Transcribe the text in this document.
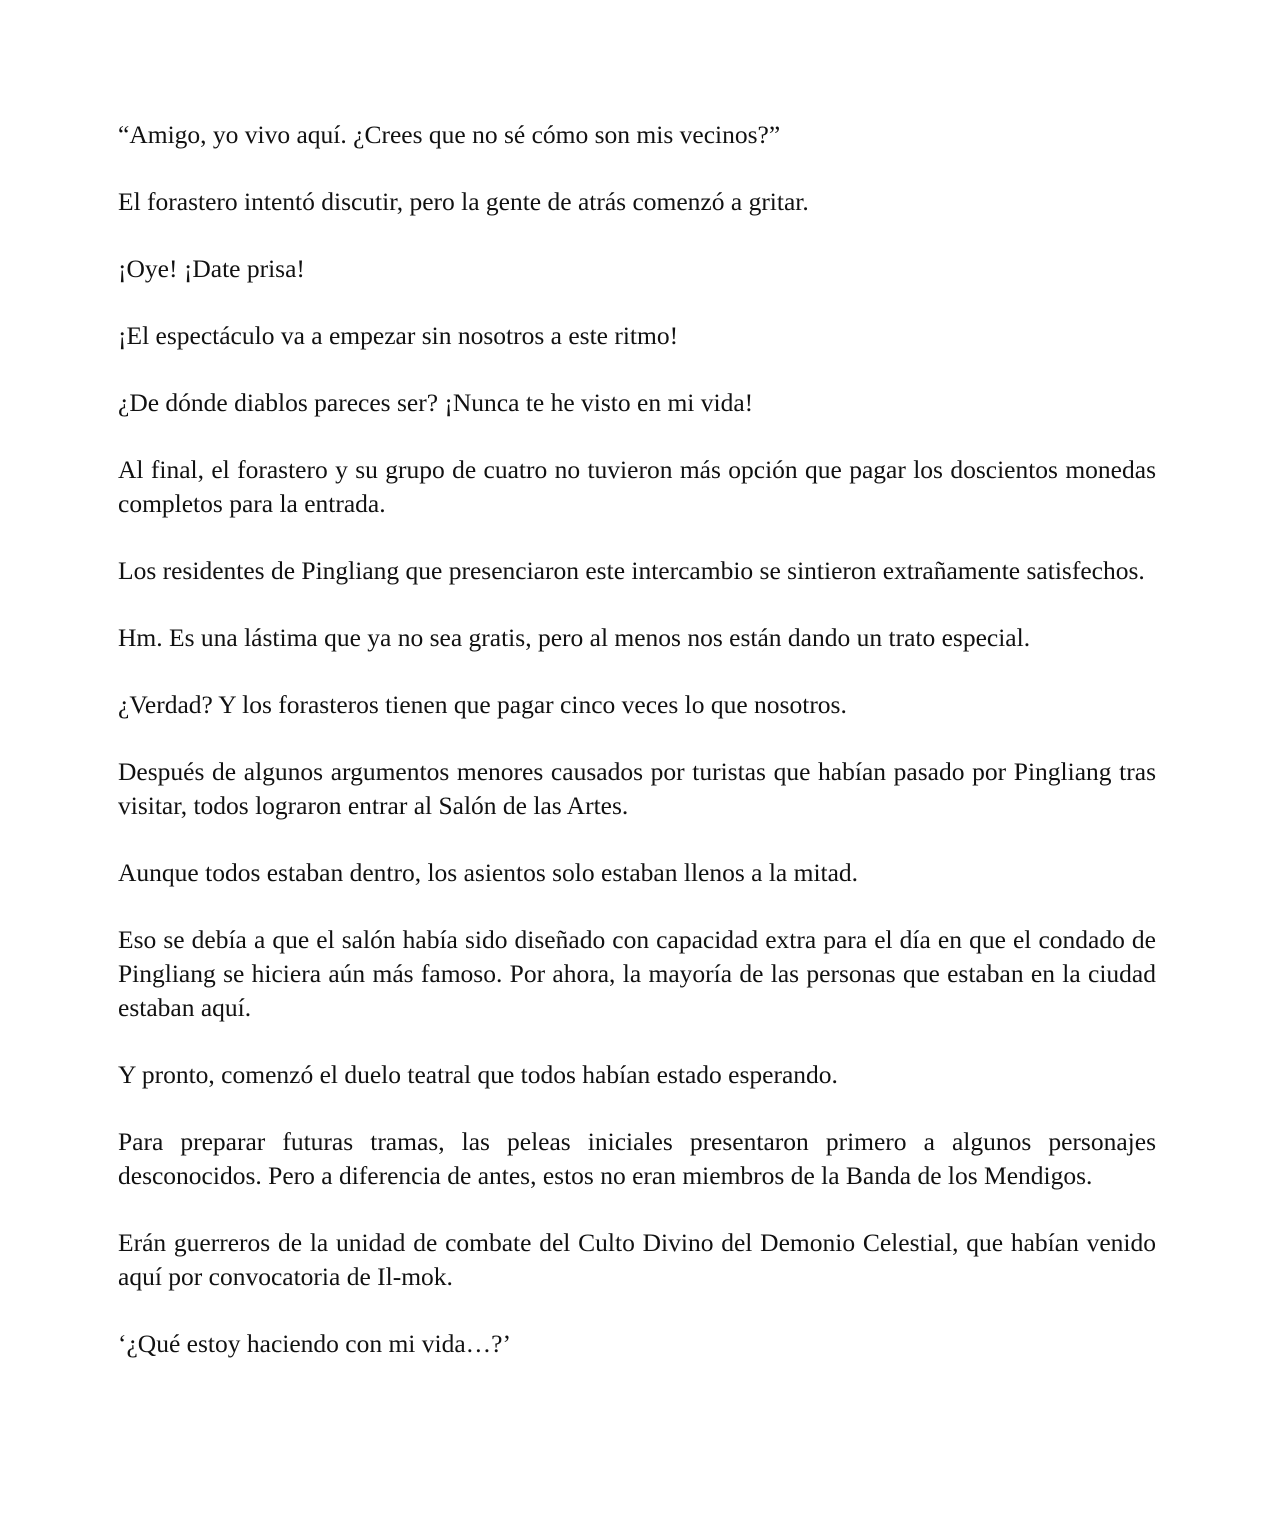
“Amigo, yo vivo aquí. ¿Crees que no sé cómo son mis vecinos?”

El forastero intentó discutir, pero la gente de atrás comenzó a gritar.

¡Oye! ¡Date prisa!

¡El espectáculo va a empezar sin nosotros a este ritmo!

¿De dónde diablos pareces ser? ¡Nunca te he visto en mi vida!

Al final, el forastero y su grupo de cuatro no tuvieron más opción que pagar los doscientos monedas completos para la entrada.

Los residentes de Pingliang que presenciaron este intercambio se sintieron extrañamente satisfechos.

Hm. Es una lástima que ya no sea gratis, pero al menos nos están dando un trato especial.

¿Verdad? Y los forasteros tienen que pagar cinco veces lo que nosotros.

Después de algunos argumentos menores causados por turistas que habían pasado por Pingliang tras visitar, todos lograron entrar al Salón de las Artes.

Aunque todos estaban dentro, los asientos solo estaban llenos a la mitad.

Eso se debía a que el salón había sido diseñado con capacidad extra para el día en que el condado de Pingliang se hiciera aún más famoso. Por ahora, la mayoría de las personas que estaban en la ciudad estaban aquí.

Y pronto, comenzó el duelo teatral que todos habían estado esperando.

Para preparar futuras tramas, las peleas iniciales presentaron primero a algunos personajes desconocidos. Pero a diferencia de antes, estos no eran miembros de la Banda de los Mendigos.

Erán guerreros de la unidad de combate del Culto Divino del Demonio Celestial, que habían venido aquí por convocatoria de Il-mok.

‘¿Qué estoy haciendo con mi vida…?’
